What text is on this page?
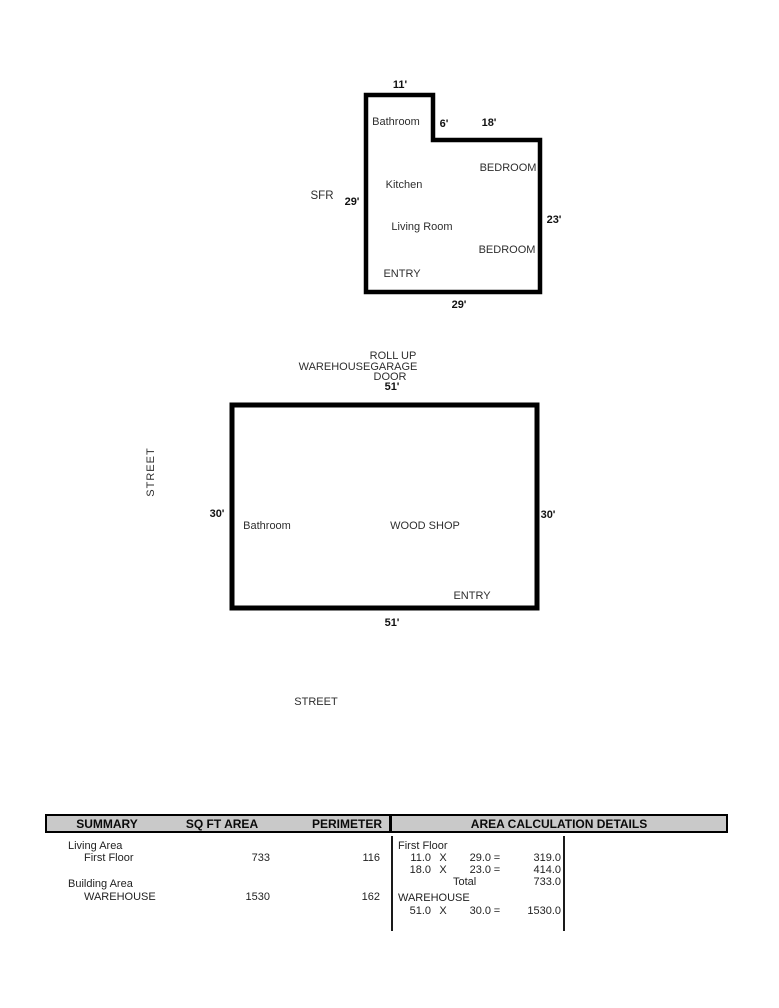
11'
Bathroom 6'	18'
BEDROOM
Kitchen
SFR 29'
Living Room
23'
BEDROOM
ENTRY
29'
ROLL UP
WAREHOUSEGARAGE
DOOR
51'
STREET
30'
Bathroom	WOOD SHOP
30'
ENTRY
51'
STREET
SUMMARY	SQ FT AREA	PERIMETER	AREA CALCULATION DETAILS
Living Area
First Floor	733	116
Building Area
WAREHOUSE	1530	162
First Floor
11.0 X	29.0 =	319.0
18.0 X	23.0 =	414.0
Total	733.0
WAREHOUSE
51.0 X	30.0 =	1530.0
